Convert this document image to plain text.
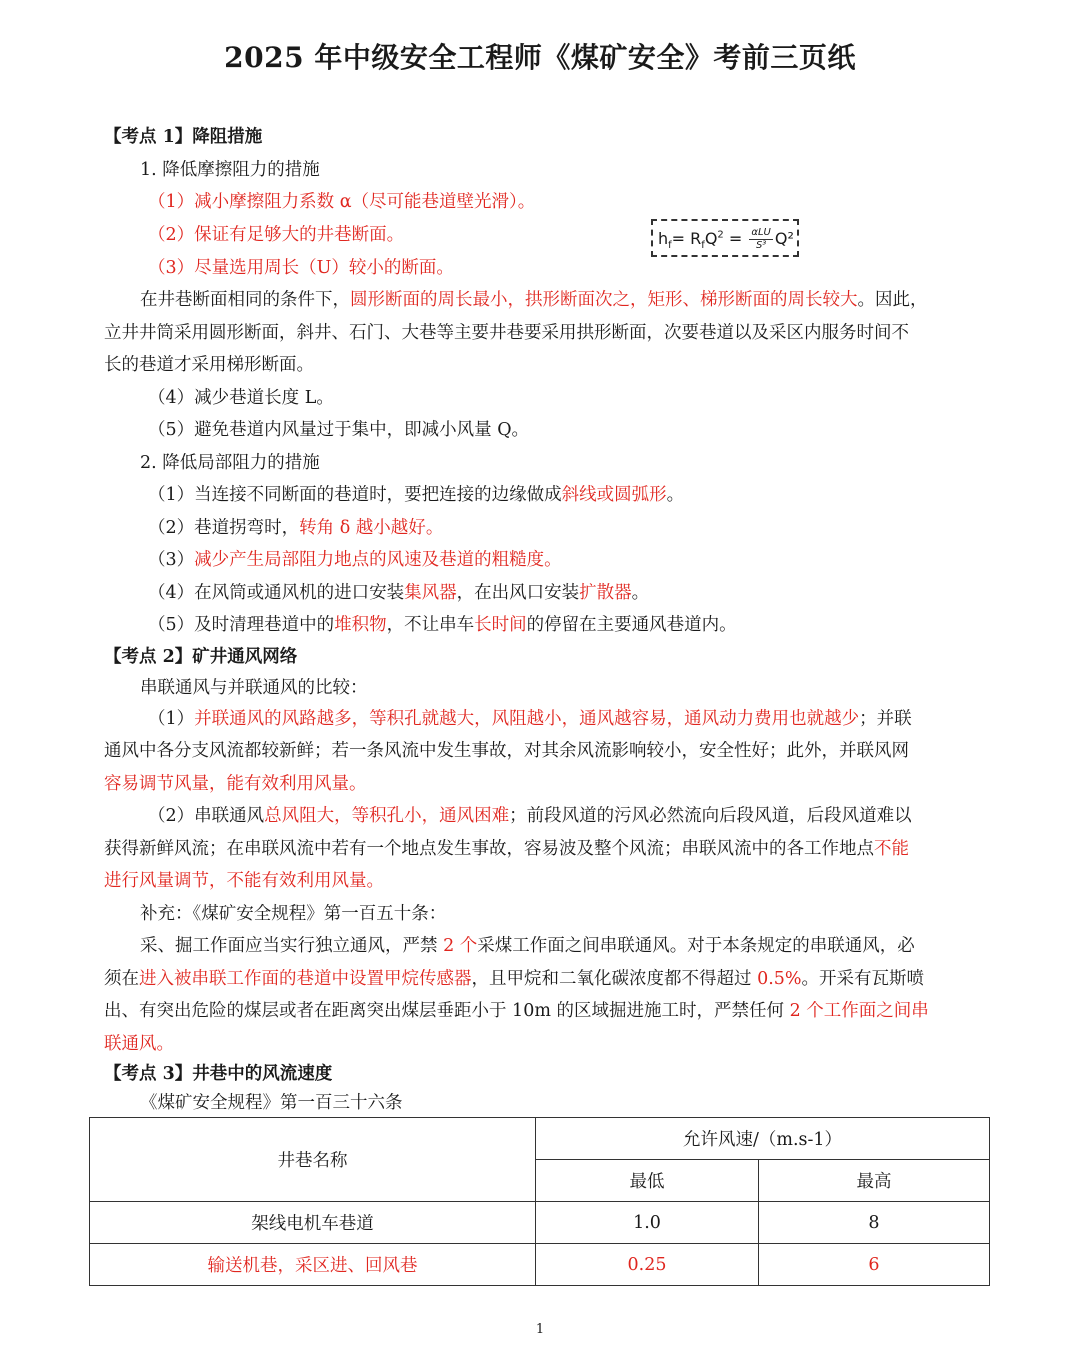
2025 年中级安全工程师《煤矿安全》考前三页纸
【考点 1】降阻措施
1. 降低摩擦阻力的措施
（1）减小摩擦阻力系数 α（尽可能巷道壁光滑）。
（2）保证有足够大的井巷断面。
（3）尽量选用周长（U）较小的断面。
$h_f= R_fQ^2 = \frac{\text{αLU}}{\text{S³}} Q^2$
在井巷断面相同的条件下，圆形断面的周长最小，拱形断面次之，矩形、梯形断面的周长较大。因此，
立井井筒采用圆形断面，斜井、石门、大巷等主要井巷要采用拱形断面，次要巷道以及采区内服务时间不
长的巷道才采用梯形断面。
（4）减少巷道长度 L。
（5）避免巷道内风量过于集中，即减小风量 Q。
2. 降低局部阻力的措施
（1）当连接不同断面的巷道时，要把连接的边缘做成斜线或圆弧形。
（2）巷道拐弯时，转角 δ 越小越好。
（3）减少产生局部阻力地点的风速及巷道的粗糙度。
（4）在风筒或通风机的进口安装集风器，在出风口安装扩散器。
（5）及时清理巷道中的堆积物，不让串车长时间的停留在主要通风巷道内。
【考点 2】矿井通风网络
串联通风与并联通风的比较：
（1）并联通风的风路越多，等积孔就越大，风阻越小，通风越容易，通风动力费用也就越少；并联
通风中各分支风流都较新鲜；若一条风流中发生事故，对其余风流影响较小，安全性好；此外，并联风网
容易调节风量，能有效利用风量。
（2）串联通风总风阻大，等积孔小，通风困难；前段风道的污风必然流向后段风道，后段风道难以
获得新鲜风流；在串联风流中若有一个地点发生事故，容易波及整个风流；串联风流中的各工作地点不能
进行风量调节，不能有效利用风量。
补充：《煤矿安全规程》第一百五十条：
采、掘工作面应当实行独立通风，严禁 2 个采煤工作面之间串联通风。对于本条规定的串联通风，必
须在进入被串联工作面的巷道中设置甲烷传感器，且甲烷和二氧化碳浓度都不得超过 0.5%。开采有瓦斯喷
出、有突出危险的煤层或者在距离突出煤层垂距小于 10m 的区域掘进施工时，严禁任何 2 个工作面之间串
联通风。
【考点 3】井巷中的风流速度
《煤矿安全规程》第一百三十六条
井巷名称	允许风速/（m.s-1）	
	最低	最高
架线电机车巷道	1.0	8
输送机巷，采区进、回风巷	0.25	6
1
